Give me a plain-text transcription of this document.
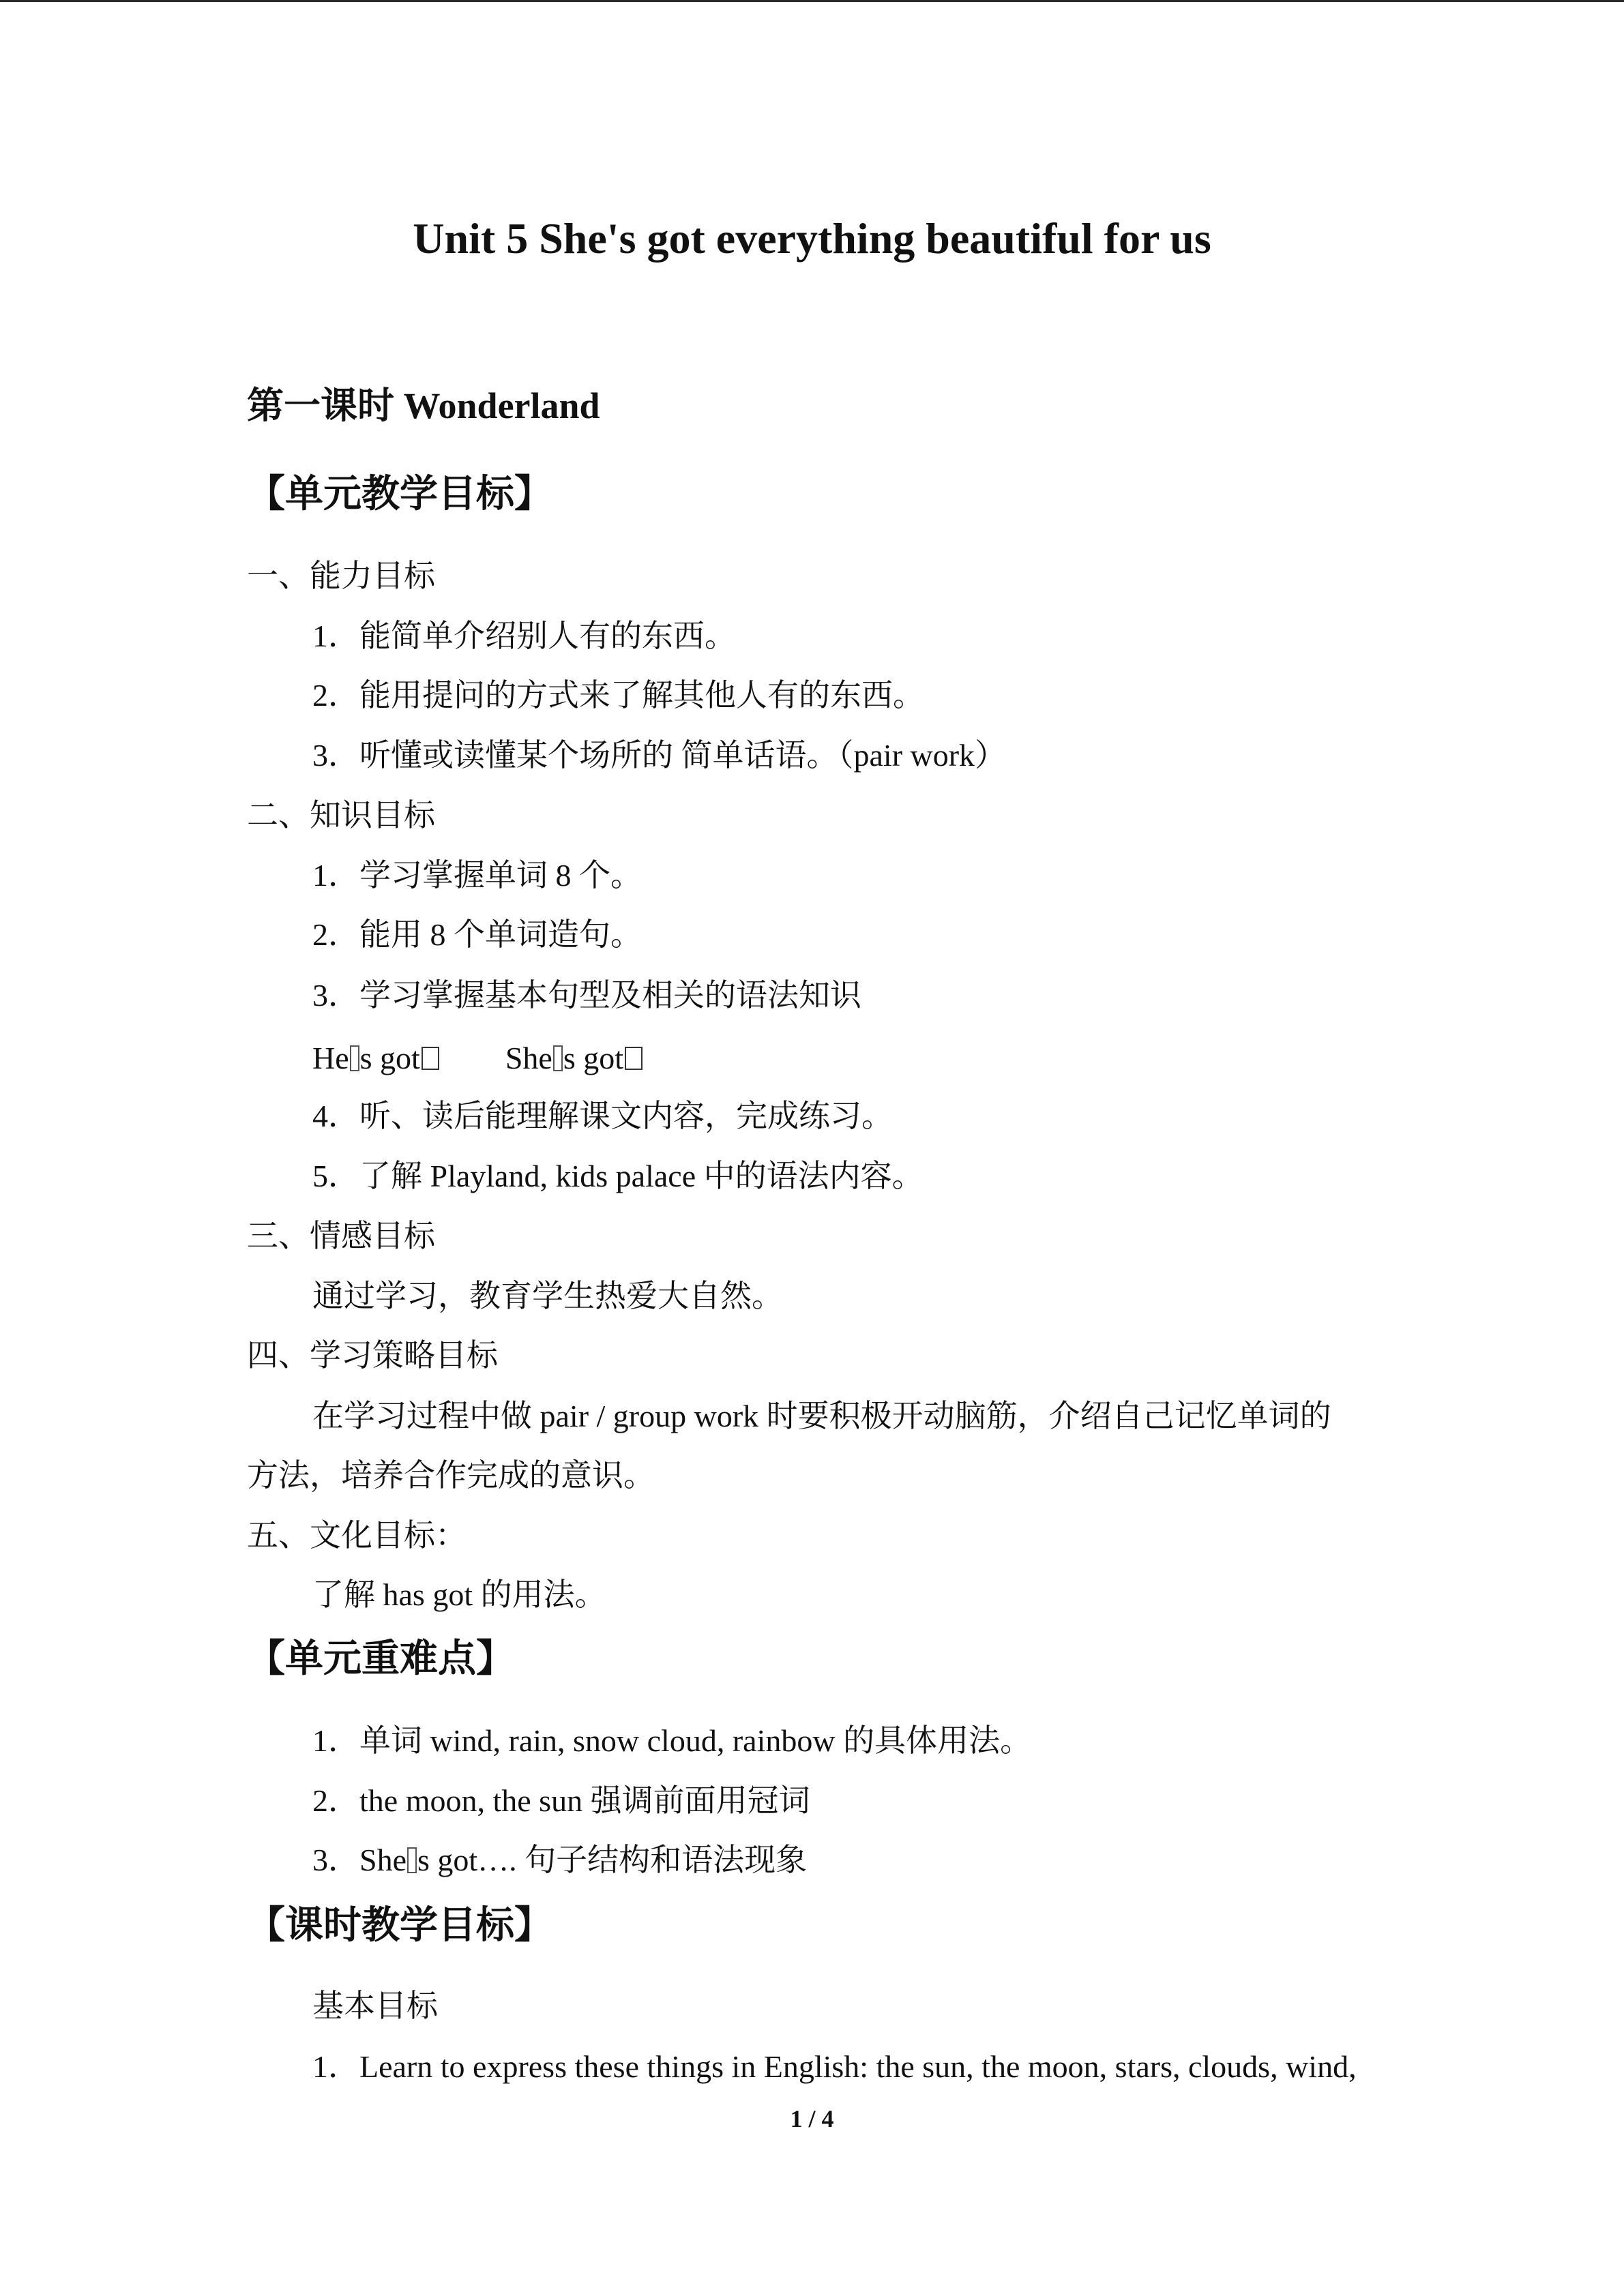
Unit 5 She's got everything beautiful for us
第一课时 Wonderland
【单元教学目标】
一、能力目标
1．能简单介绍别人有的东西。
2．能用提问的方式来了解其他人有的东西。
3．听懂或读懂某个场所的 简单话语。（pair work）
二、知识目标
1．学习掌握单词 8 个。
2．能用 8 个单词造句。
3．学习掌握基本句型及相关的语法知识
He s got	She s got
4．听、读后能理解课文内容，完成练习。
5．了解 Playland, kids palace 中的语法内容。
三、情感目标
通过学习，教育学生热爱大自然。
四、学习策略目标
在学习过程中做 pair / group work 时要积极开动脑筋，介绍自己记忆单词的
方法，培养合作完成的意识。
五、文化目标：
了解 has got 的用法。
【单元重难点】
1．单词 wind, rain, snow cloud, rainbow 的具体用法。
2．the moon, the sun 强调前面用冠词
3．She s got…. 句子结构和语法现象
【课时教学目标】
基本目标
1．Learn to express these things in English: the sun, the moon, stars, clouds, wind,
1 / 4
